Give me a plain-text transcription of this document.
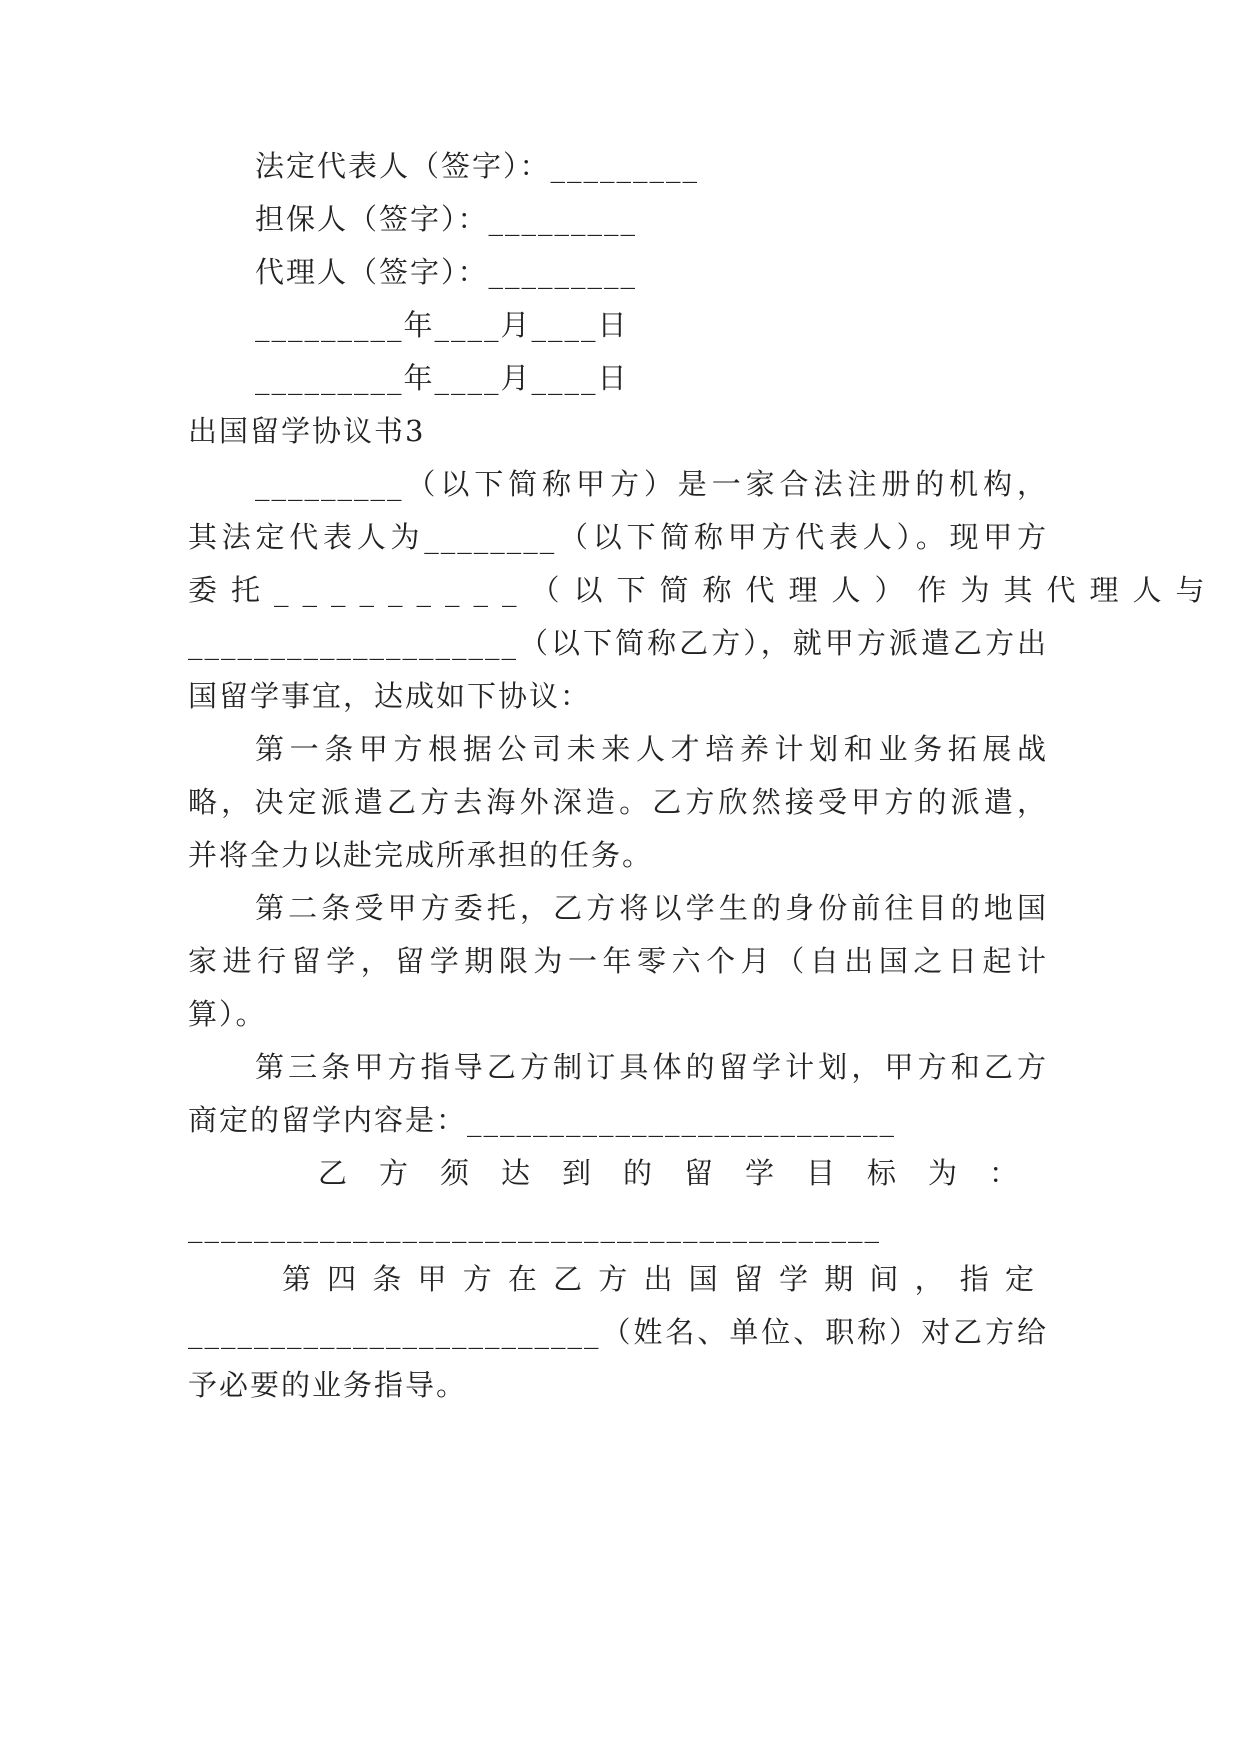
法定代表人（签字）：_________
担保人（签字）：_________
代理人（签字）：_________
_________年____月____日
_________年____月____日
出国留学协议书3
_________（以下简称甲方）是一家合法注册的机构，
其法定代表人为________（以下简称甲方代表人）。现甲方
委托_________（以下简称代理人）作为其代理人与
____________________（以下简称乙方），就甲方派遣乙方出
国留学事宜，达成如下协议：
第一条甲方根据公司未来人才培养计划和业务拓展战
略，决定派遣乙方去海外深造。乙方欣然接受甲方的派遣，
并将全力以赴完成所承担的任务。
第二条受甲方委托，乙方将以学生的身份前往目的地国
家进行留学，留学期限为一年零六个月（自出国之日起计
算）。
第三条甲方指导乙方制订具体的留学计划，甲方和乙方
商定的留学内容是：__________________________
乙方须达到的留学目标为：
__________________________________________
第四条甲方在乙方出国留学期间，指定
_________________________（姓名、单位、职称）对乙方给
予必要的业务指导。
